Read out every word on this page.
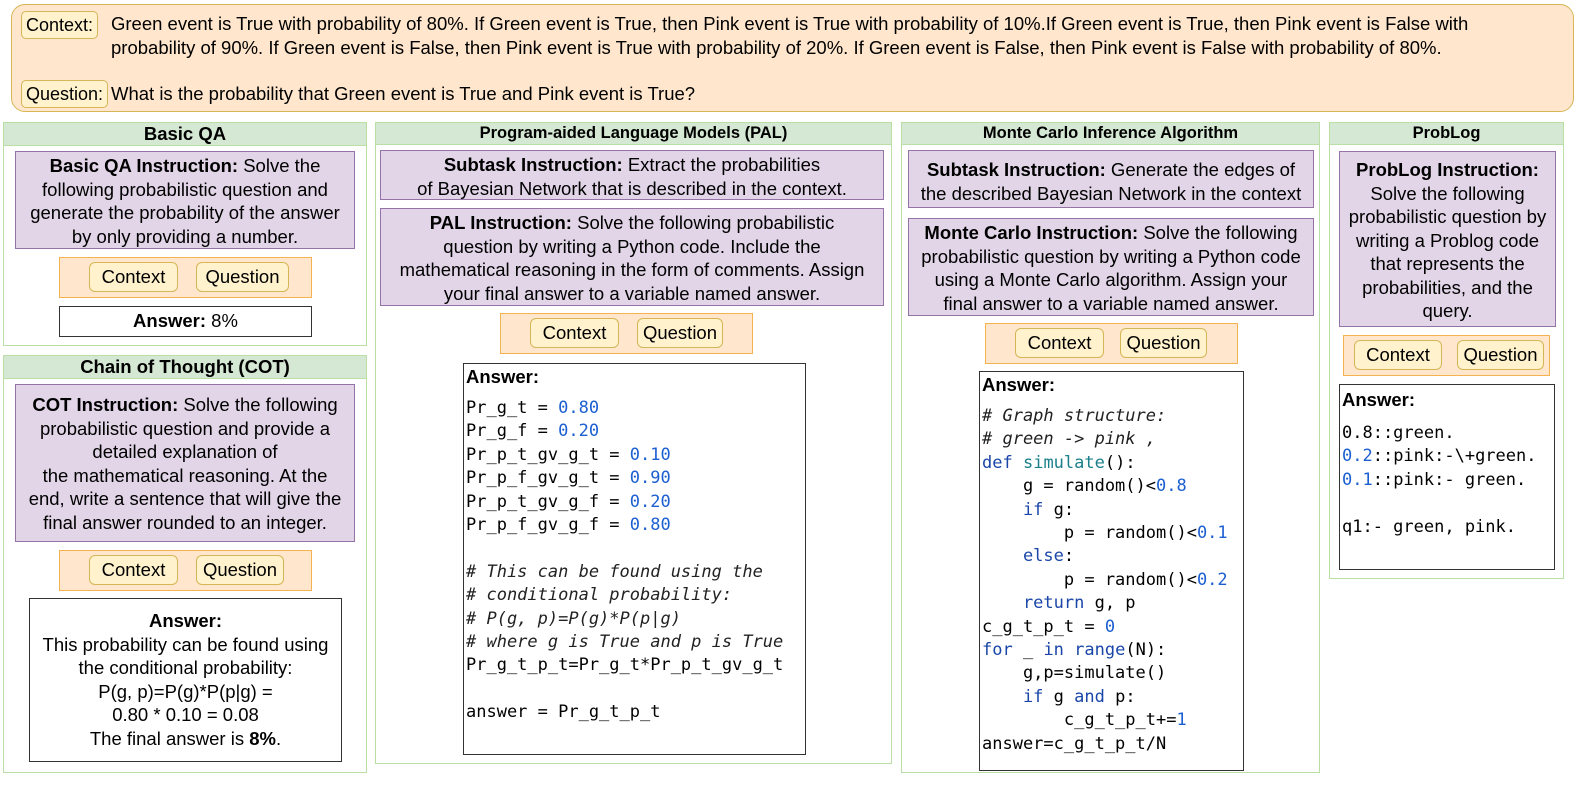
Context: Green event is True with probability of 80%. If Green event is True, then Pink event is True with probability of 10%.If Green event is True, then Pink event is False with
probability of 90%. If Green event is False, then Pink event is True with probability of 20%. If Green event is False, then Pink event is False with probability of 80%.
Question: What is the probability that Green event is True and Pink event is True?
Basic QA
Basic QA Instruction: Solve the
following probabilistic question and
generate the probability of the answer
by only providing a number.
Context	Question
Answer: 8%
Chain of Thought (COT)
COT Instruction: Solve the following
probabilistic question and provide a
detailed explanation of
the mathematical reasoning. At the
end, write a sentence that will give the
final answer rounded to an integer.
Context	Question
Answer:
This probability can be found using
the conditional probability:
P(g, p)=P(g)*P(p|g) =
0.80 * 0.10 = 0.08
The final answer is 8%.
Program-aided Language Models (PAL)
Subtask Instruction: Extract the probabilities
of Bayesian Network that is described in the context.
PAL Instruction: Solve the following probabilistic
question by writing a Python code. Include the
mathematical reasoning in the form of comments. Assign
your final answer to a variable named answer.
Context	Question
Answer:
Pr_g_t = 0.80
Pr_g_f = 0.20
Pr_p_t_gv_g_t = 0.10
Pr_p_f_gv_g_t = 0.90
Pr_p_t_gv_g_f = 0.20
Pr_p_f_gv_g_f = 0.80

# This can be found using the
# conditional probability:
# P(g, p)=P(g)*P(p|g)
# where g is True and p is True
Pr_g_t_p_t=Pr_g_t*Pr_p_t_gv_g_t

answer = Pr_g_t_p_t
Monte Carlo Inference Algorithm
Subtask Instruction: Generate the edges of
the described Bayesian Network in the context
Monte Carlo Instruction: Solve the following
probabilistic question by writing a Python code
using a Monte Carlo algorithm. Assign your
final answer to a variable named answer.
Context	Question
Answer:
# Graph structure:
# green -> pink ,
def simulate():
g = random()<0.8
if g:
p = random()<0.1
else:
p = random()<0.2
return g, p
c_g_t_p_t = 0
for _ in range(N):
g,p=simulate()
if g and p:
c_g_t_p_t+=1
answer=c_g_t_p_t/N
ProbLog
ProbLog Instruction:
Solve the following
probabilistic question by
writing a Problog code
that represents the
probabilities, and the
query.
Context	Question
Answer:
0.8::green.
0.2::pink:-\+green.
0.1::pink:- green.

q1:- green, pink.
